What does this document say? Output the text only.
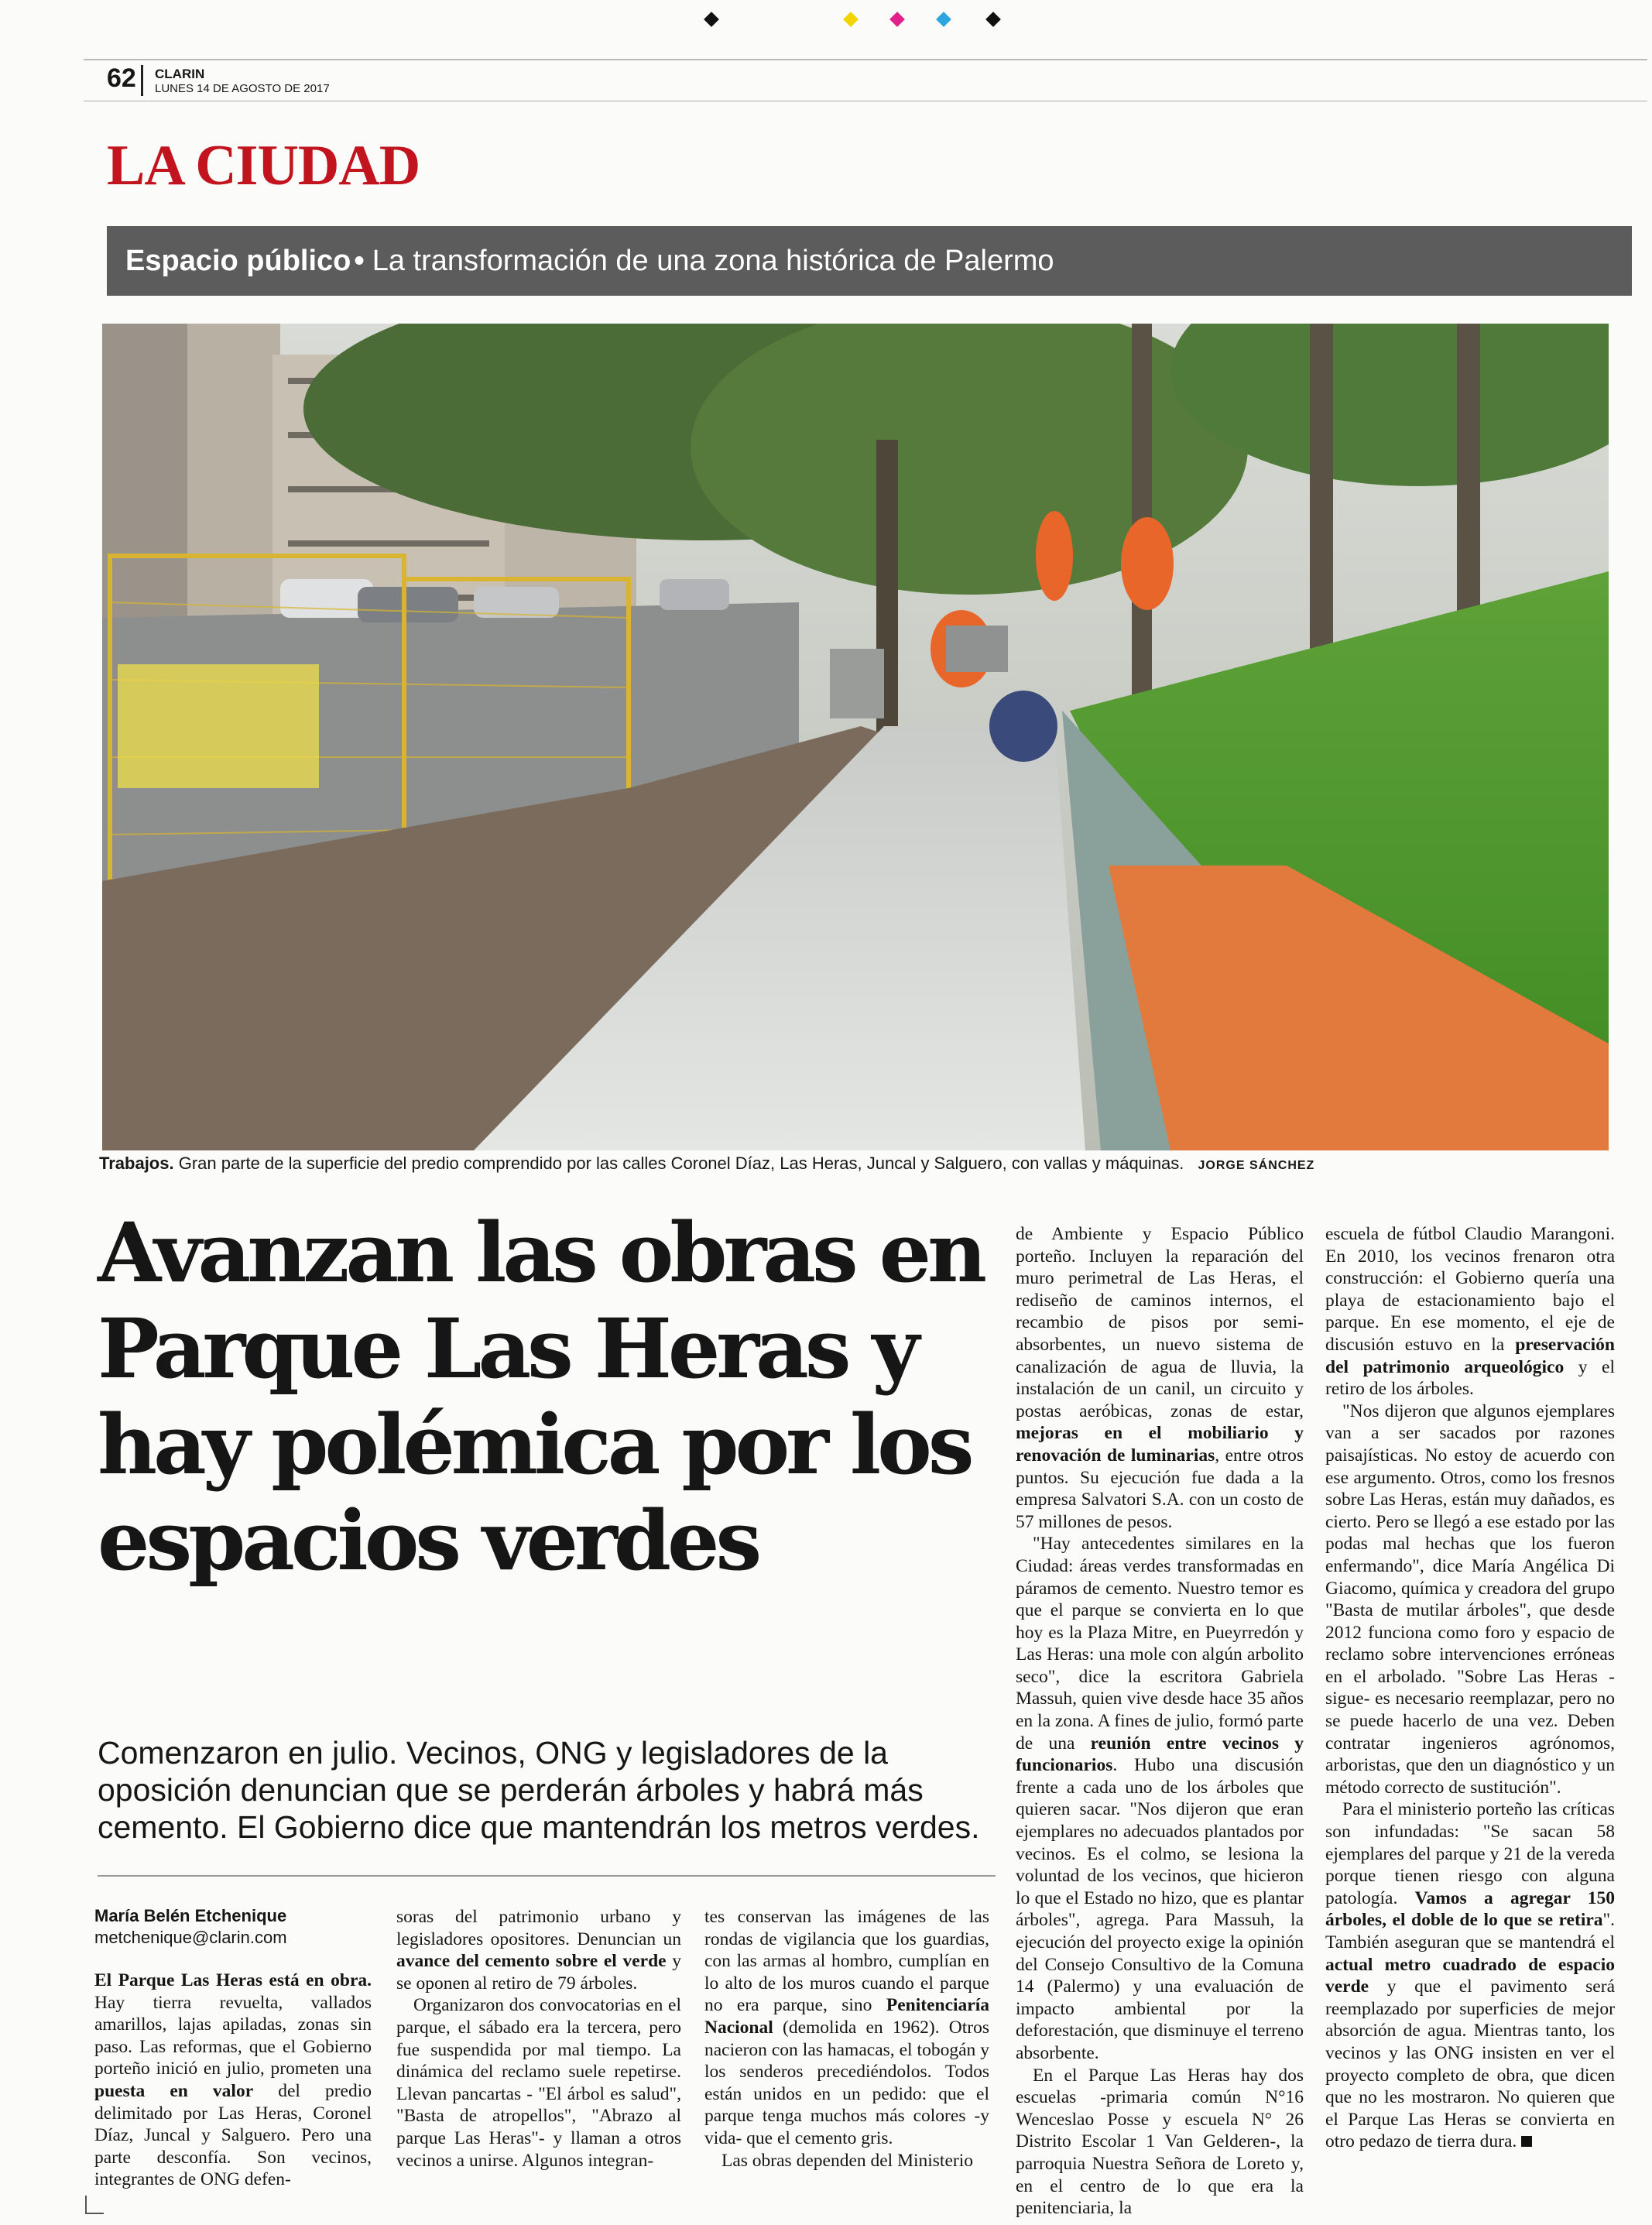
62 CLARIN
LUNES 14 DE AGOSTO DE 2017
LA CIUDAD
Espacio público • La transformación de una zona histórica de Palermo
Trabajos. Gran parte de la superficie del predio comprendido por las calles Coronel Díaz, Las Heras, Juncal y Salguero, con vallas y máquinas. JORGE SÁNCHEZ
Avanzan las obras en Parque Las Heras y hay polémica por los espacios verdes

Comenzaron en julio. Vecinos, ONG y legisladores de la oposición denuncian que se perderán árboles y habrá más cemento. El Gobierno dice que mantendrán los metros verdes.

María Belén Etchenique
metchenique@clarin.com

El Parque Las Heras está en obra. Hay tierra revuelta, vallados amarillos, lajas apiladas, zonas sin paso. Las reformas, que el Gobierno porteño inició en julio, prometen una puesta en valor del predio delimitado por Las Heras, Coronel Díaz, Juncal y Salguero. Pero una parte desconfía. Son vecinos, integrantes de ONG defen-

soras del patrimonio urbano y legisladores opositores. Denuncian un avance del cemento sobre el verde y se oponen al retiro de 79 árboles.

Organizaron dos convocatorias en el parque, el sábado era la tercera, pero fue suspendida por mal tiempo. La dinámica del reclamo suele repetirse. Llevan pancartas - "El árbol es salud", "Basta de atropellos", "Abrazo al parque Las Heras"- y llaman a otros vecinos a unirse. Algunos integran-

tes conservan las imágenes de las rondas de vigilancia que los guardias, con las armas al hombro, cumplían en lo alto de los muros cuando el parque no era parque, sino Penitenciaría Nacional (demolida en 1962). Otros nacieron con las hamacas, el tobogán y los senderos precediéndolos. Todos están unidos en un pedido: que el parque tenga muchos más colores -y vida- que el cemento gris.

Las obras dependen del Ministerio

de Ambiente y Espacio Público porteño. Incluyen la reparación del muro perimetral de Las Heras, el rediseño de caminos internos, el recambio de pisos por semi-absorbentes, un nuevo sistema de canalización de agua de lluvia, la instalación de un canil, un circuito y postas aeróbicas, zonas de estar, mejoras en el mobiliario y renovación de luminarias, entre otros puntos. Su ejecución fue dada a la empresa Salvatori S.A. con un costo de 57 millones de pesos.

"Hay antecedentes similares en la Ciudad: áreas verdes transformadas en páramos de cemento. Nuestro temor es que el parque se convierta en lo que hoy es la Plaza Mitre, en Pueyrredón y Las Heras: una mole con algún arbolito seco", dice la escritora Gabriela Massuh, quien vive desde hace 35 años en la zona. A fines de julio, formó parte de una reunión entre vecinos y funcionarios. Hubo una discusión frente a cada uno de los árboles que quieren sacar. "Nos dijeron que eran ejemplares no adecuados plantados por vecinos. Es el colmo, se lesiona la voluntad de los vecinos, que hicieron lo que el Estado no hizo, que es plantar árboles", agrega. Para Massuh, la ejecución del proyecto exige la opinión del Consejo Consultivo de la Comuna 14 (Palermo) y una evaluación de impacto ambiental por la deforestación, que disminuye el terreno absorbente.

En el Parque Las Heras hay dos escuelas -primaria común N°16 Wenceslao Posse y escuela N° 26 Distrito Escolar 1 Van Gelderen-, la parroquia Nuestra Señora de Loreto y, en el centro de lo que era la penitenciaria, la

escuela de fútbol Claudio Marangoni. En 2010, los vecinos frenaron otra construcción: el Gobierno quería una playa de estacionamiento bajo el parque. En ese momento, el eje de discusión estuvo en la preservación del patrimonio arqueológico y el retiro de los árboles.

"Nos dijeron que algunos ejemplares van a ser sacados por razones paisajísticas. No estoy de acuerdo con ese argumento. Otros, como los fresnos sobre Las Heras, están muy dañados, es cierto. Pero se llegó a ese estado por las podas mal hechas que los fueron enfermando", dice María Angélica Di Giacomo, química y creadora del grupo "Basta de mutilar árboles", que desde 2012 funciona como foro y espacio de reclamo sobre intervenciones erróneas en el arbolado. "Sobre Las Heras -sigue- es necesario reemplazar, pero no se puede hacerlo de una vez. Deben contratar ingenieros agrónomos, arboristas, que den un diagnóstico y un método correcto de sustitución".

Para el ministerio porteño las críticas son infundadas: "Se sacan 58 ejemplares del parque y 21 de la vereda porque tienen riesgo con alguna patología. Vamos a agregar 150 árboles, el doble de lo que se retira". También aseguran que se mantendrá el actual metro cuadrado de espacio verde y que el pavimento será reemplazado por superficies de mejor absorción de agua. Mientras tanto, los vecinos y las ONG insisten en ver el proyecto completo de obra, que dicen que no les mostraron. No quieren que el Parque Las Heras se convierta en otro pedazo de tierra dura.
